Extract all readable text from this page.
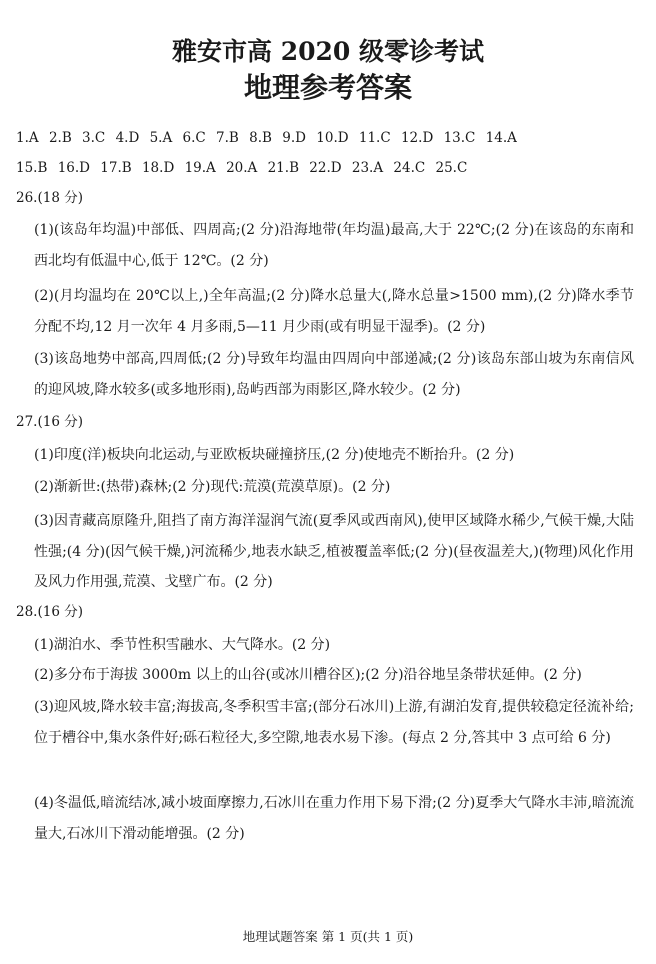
雅安市高 2020 级零诊考试
地理参考答案
1.A 2.B 3.C 4.D 5.A 6.C 7.B 8.B 9.D 10.D 11.C 12.D 13.C 14.A
15.B 16.D 17.B 18.D 19.A 20.A 21.B 22.D 23.A 24.C 25.C
26.(18 分)

(1)(该岛年均温)中部低、四周高;(2 分)沿海地带(年均温)最高,大于 22℃;(2 分)在该岛的东南和西北均有低温中心,低于 12℃。(2 分)

(2)(月均温均在 20℃以上,)全年高温;(2 分)降水总量大(,降水总量>1500 mm),(2 分)降水季节分配不均,12 月一次年 4 月多雨,5—11 月少雨(或有明显干湿季)。(2 分)

(3)该岛地势中部高,四周低;(2 分)导致年均温由四周向中部递减;(2 分)该岛东部山坡为东南信风的迎风坡,降水较多(或多地形雨),岛屿西部为雨影区,降水较少。(2 分)

27.(16 分)

(1)印度(洋)板块向北运动,与亚欧板块碰撞挤压,(2 分)使地壳不断抬升。(2 分)

(2)渐新世:(热带)森林;(2 分)现代:荒漠(荒漠草原)。(2 分)

(3)因青藏高原隆升,阻挡了南方海洋湿润气流(夏季风或西南风),使甲区域降水稀少,气候干燥,大陆性强;(4 分)(因气候干燥,)河流稀少,地表水缺乏,植被覆盖率低;(2 分)(昼夜温差大,)(物理)风化作用及风力作用强,荒漠、戈壁广布。(2 分)

28.(16 分)

(1)湖泊水、季节性积雪融水、大气降水。(2 分)

(2)多分布于海拔 3000m 以上的山谷(或冰川槽谷区);(2 分)沿谷地呈条带状延伸。(2 分)

(3)迎风坡,降水较丰富;海拔高,冬季积雪丰富;(部分石冰川)上游,有湖泊发育,提供较稳定径流补给;位于槽谷中,集水条件好;砾石粒径大,多空隙,地表水易下渗。(每点 2 分,答其中 3 点可给 6 分)

(4)冬温低,暗流结冰,减小坡面摩擦力,石冰川在重力作用下易下滑;(2 分)夏季大气降水丰沛,暗流流量大,石冰川下滑动能增强。(2 分)

地理试题答案 第 1 页(共 1 页)
